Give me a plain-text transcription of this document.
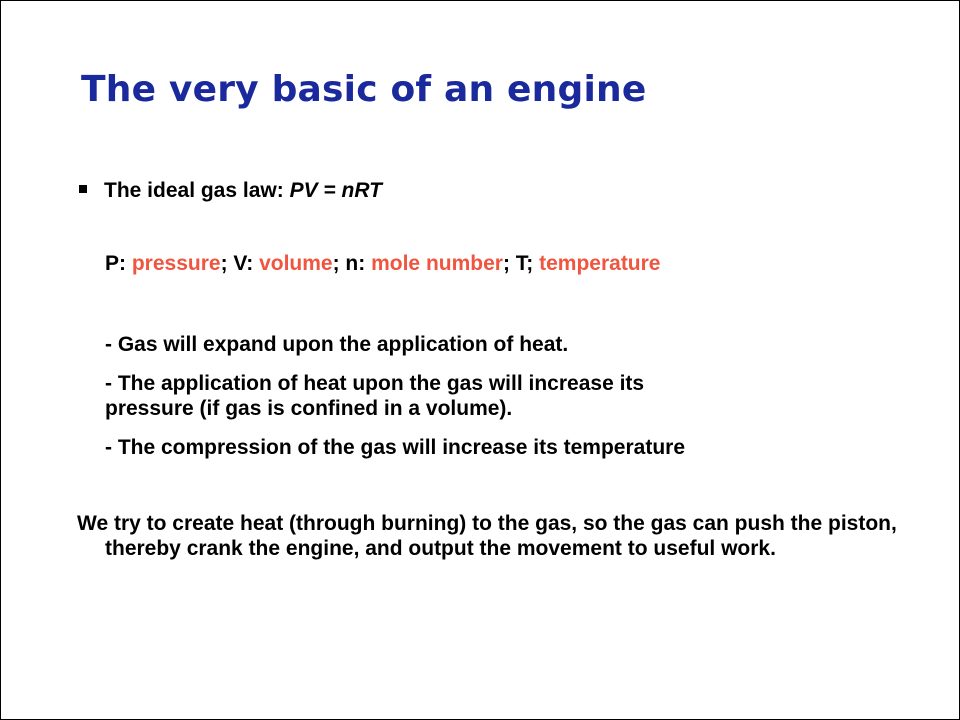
The very basic of an engine
The ideal gas law: PV = nRT
P: pressure; V: volume; n: mole number; T; temperature
- Gas will expand upon the application of heat.
- The application of heat upon the gas will increase its
pressure (if gas is confined in a volume).
- The compression of the gas will increase its temperature
We try to create heat (through burning) to the gas, so the gas can push the piston, thereby crank the engine, and output the movement to useful work.
